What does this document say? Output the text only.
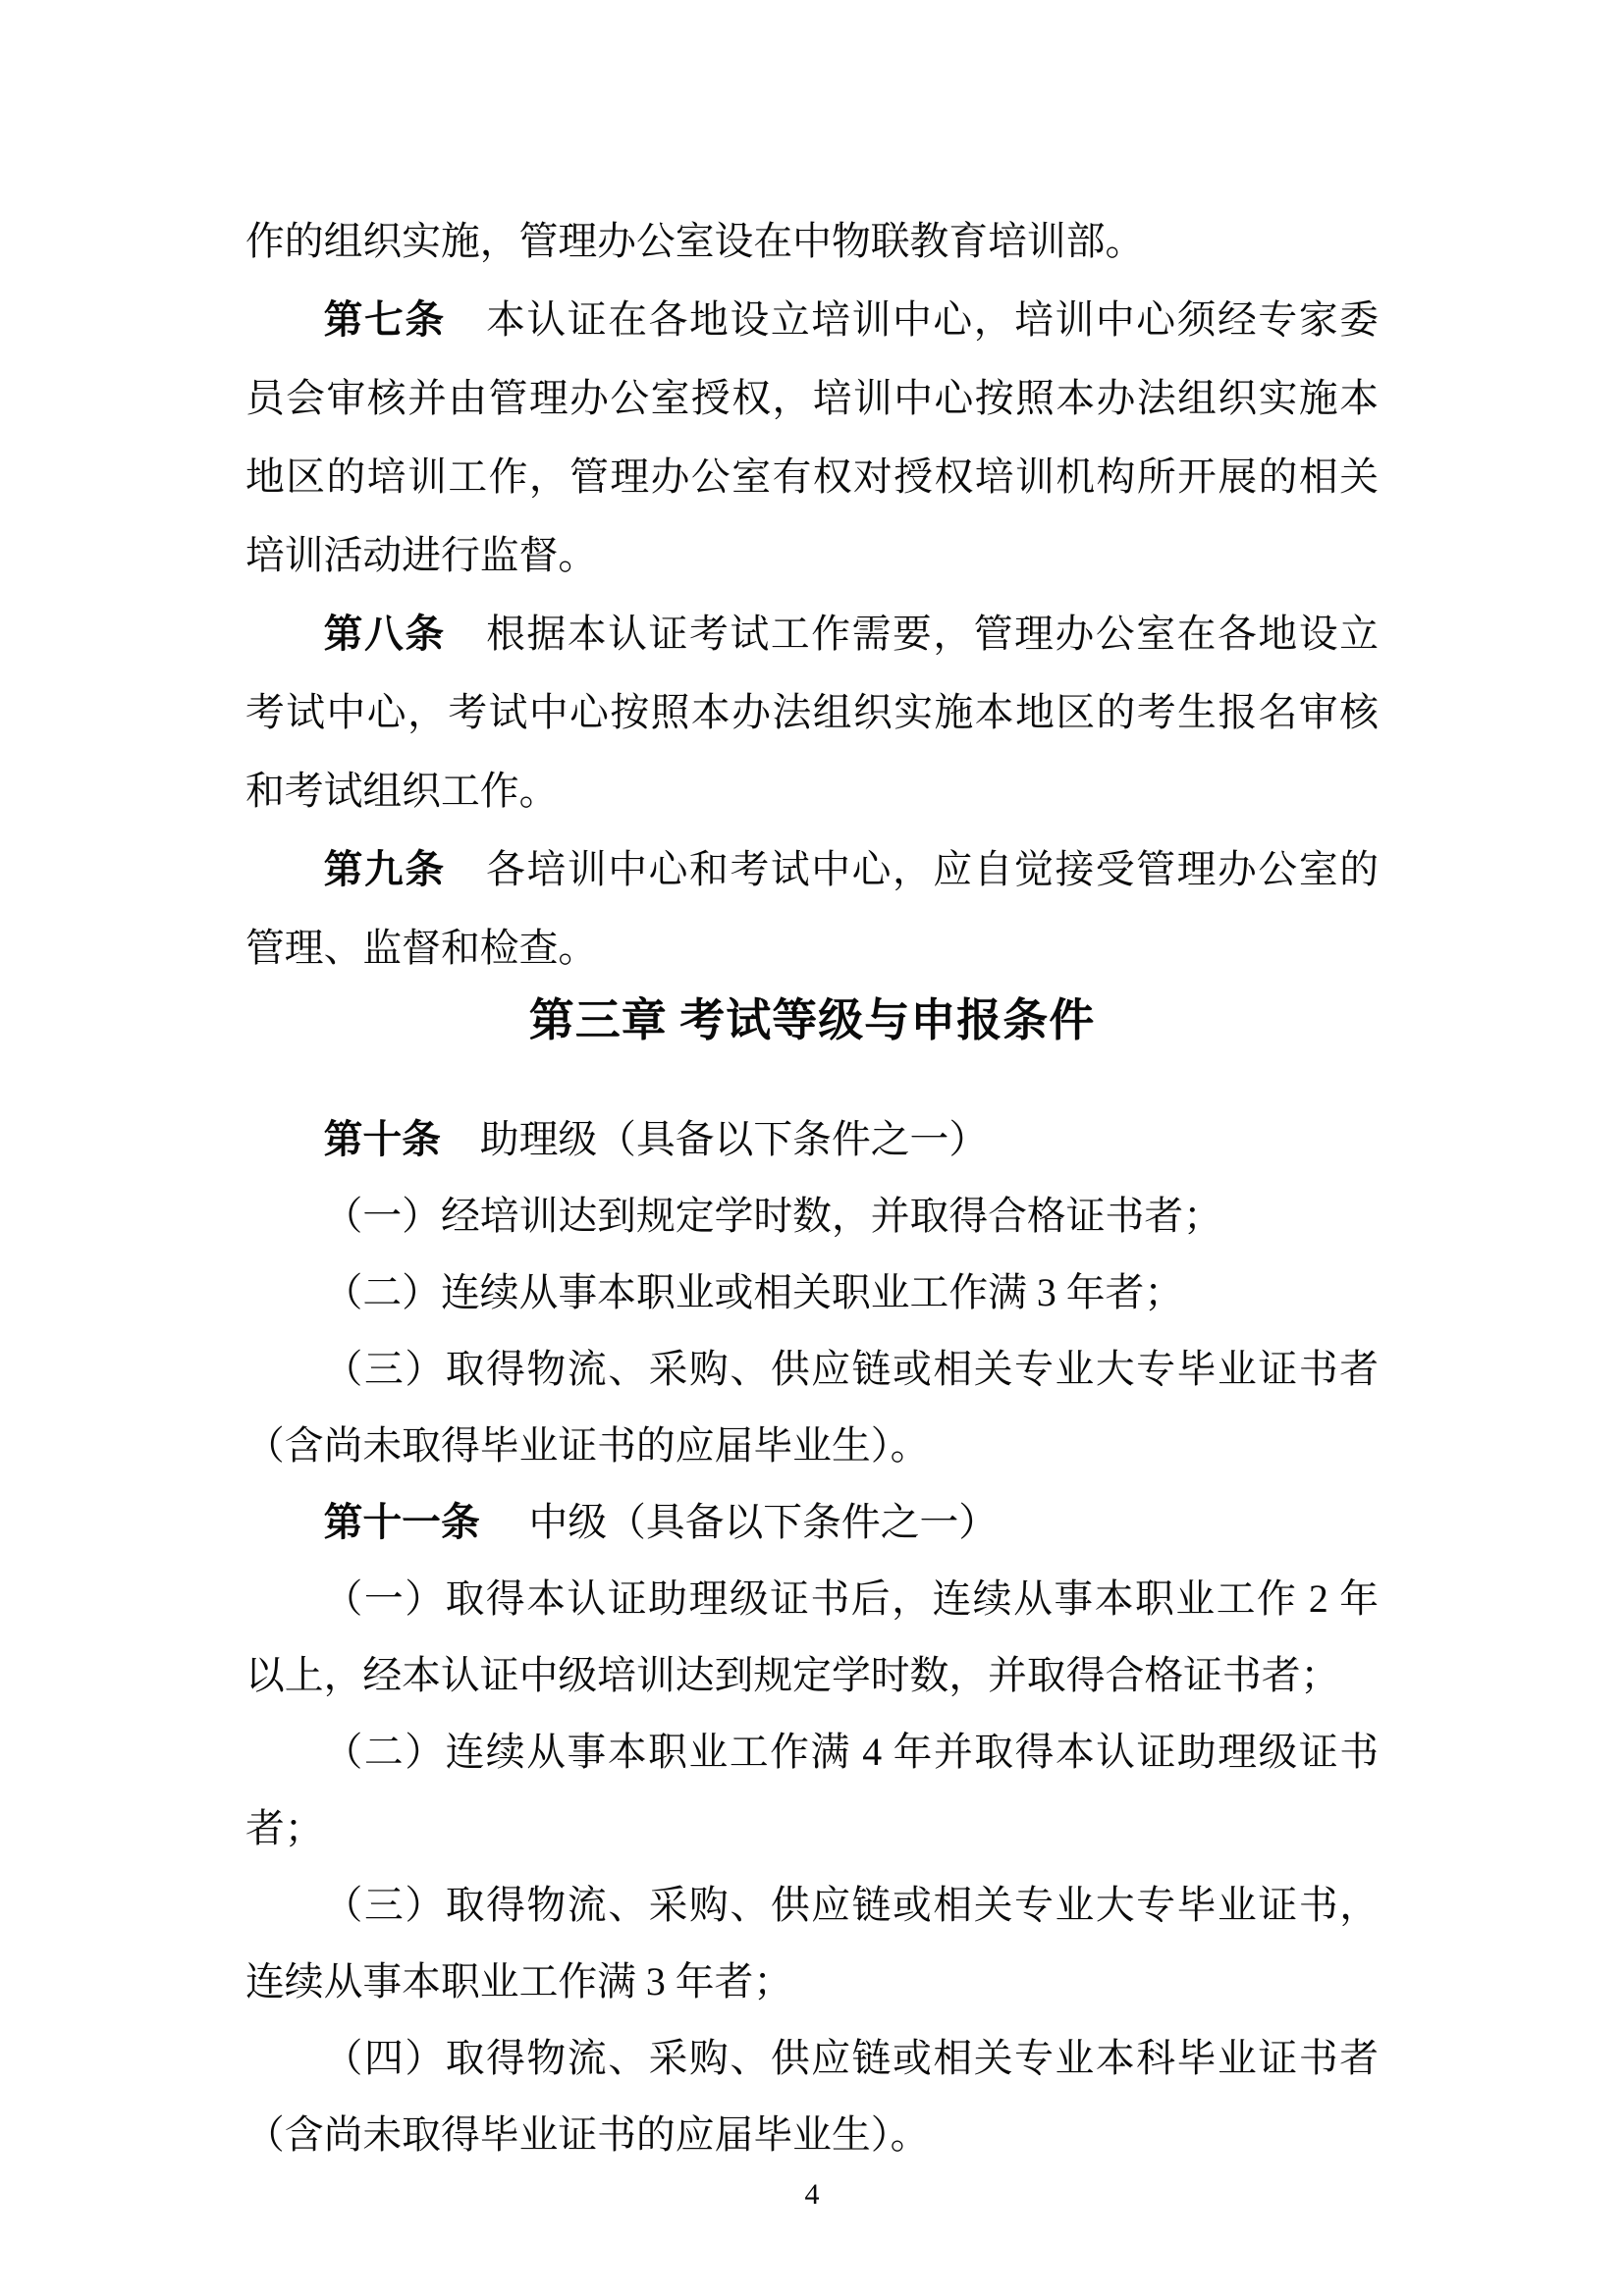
作的组织实施，管理办公室设在中物联教育培训部。

第七条　本认证在各地设立培训中心，培训中心须经专家委员会审核并由管理办公室授权，培训中心按照本办法组织实施本地区的培训工作，管理办公室有权对授权培训机构所开展的相关培训活动进行监督。

第八条　根据本认证考试工作需要，管理办公室在各地设立考试中心，考试中心按照本办法组织实施本地区的考生报名审核和考试组织工作。

第九条　各培训中心和考试中心，应自觉接受管理办公室的管理、监督和检查。

第三章 考试等级与申报条件

第十条　助理级（具备以下条件之一）

（一）经培训达到规定学时数，并取得合格证书者；

（二）连续从事本职业或相关职业工作满 3 年者；

（三）取得物流、采购、供应链或相关专业大专毕业证书者（含尚未取得毕业证书的应届毕业生）。

第十一条　 中级（具备以下条件之一）

（一）取得本认证助理级证书后，连续从事本职业工作 2 年以上，经本认证中级培训达到规定学时数，并取得合格证书者；

（二）连续从事本职业工作满 4 年并取得本认证助理级证书者；

（三）取得物流、采购、供应链或相关专业大专毕业证书，连续从事本职业工作满 3 年者；

（四）取得物流、采购、供应链或相关专业本科毕业证书者（含尚未取得毕业证书的应届毕业生）。

4
